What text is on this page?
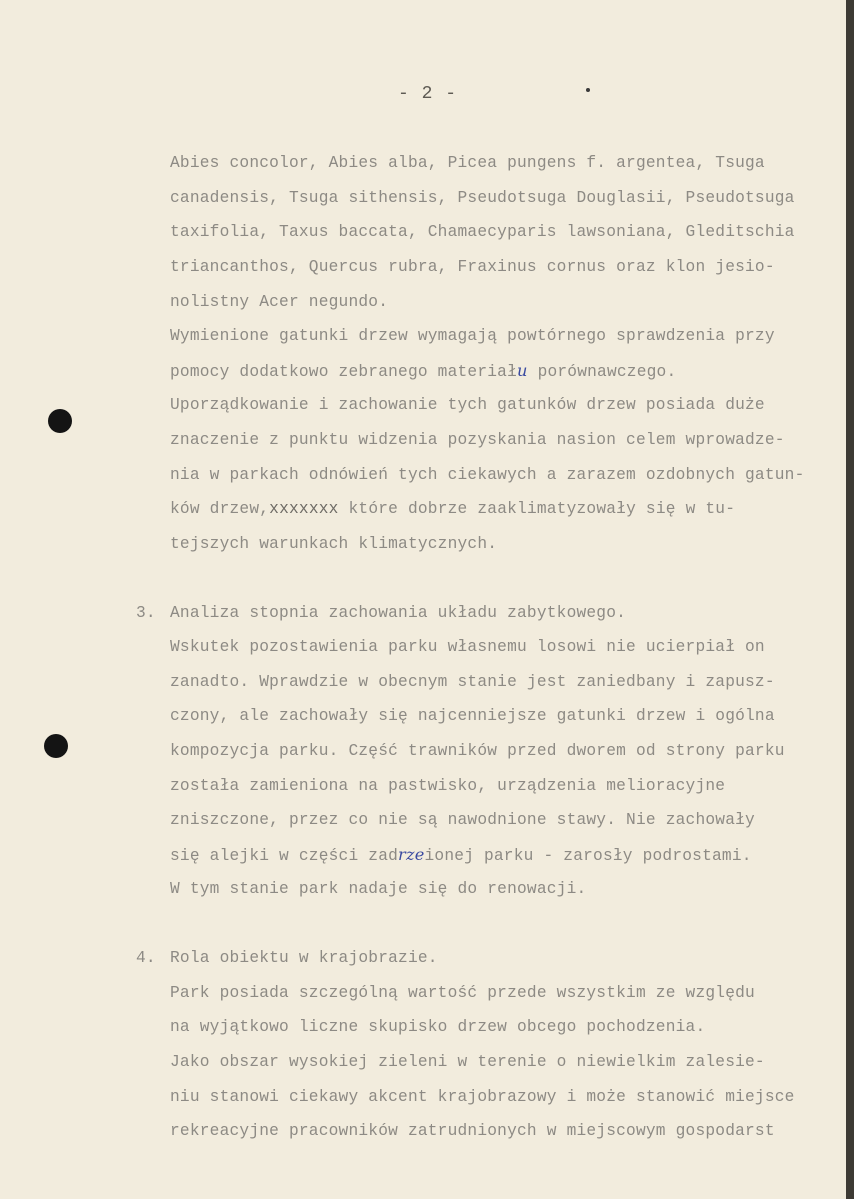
- 2 -
Abies concolor, Abies alba, Picea pungens f. argentea, Tsuga
canadensis, Tsuga sithensis, Pseudotsuga Douglasii, Pseudotsuga
taxifolia, Taxus baccata, Chamaecyparis lawsoniana, Gleditschia
triancanthos, Quercus rubra, Fraxinus cornus oraz klon jesio-
nolistny Acer negundo.
Wymienione gatunki drzew wymagają powtórnego sprawdzenia przy
pomocy dodatkowo zebranego materiału porównawczego.
Uporządkowanie i zachowanie tych gatunków drzew posiada duże
znaczenie z punktu widzenia pozyskania nasion celem wprowadze-
nia w parkach odnówień tych ciekawych a zarazem ozdobnych gatun-
ków drzew,xxxxxxx które dobrze zaaklimatyzowały się w tu-
tejszych warunkach klimatycznych.
3. Analiza stopnia zachowania układu zabytkowego.
Wskutek pozostawienia parku własnemu losowi nie ucierpiał on
zanadto. Wprawdzie w obecnym stanie jest zaniedbany i zapusz-
czony, ale zachowały się najcenniejsze gatunki drzew i ogólna
kompozycja parku. Część trawników przed dworem od strony parku
została zamieniona na pastwisko, urządzenia melioracyjne
zniszczone, przez co nie są nawodnione stawy. Nie zachowały
się alejki w części zadrzeionej parku - zarosły podrostami.
W tym stanie park nadaje się do renowacji.
4. Rola obiektu w krajobrazie.
Park posiada szczególną wartość przede wszystkim ze względu
na wyjątkowo liczne skupisko drzew obcego pochodzenia.
Jako obszar wysokiej zieleni w terenie o niewielkim zalesie-
niu stanowi ciekawy akcent krajobrazowy i może stanowić miejsce
rekreacyjne pracowników zatrudnionych w miejscowym gospodarst
